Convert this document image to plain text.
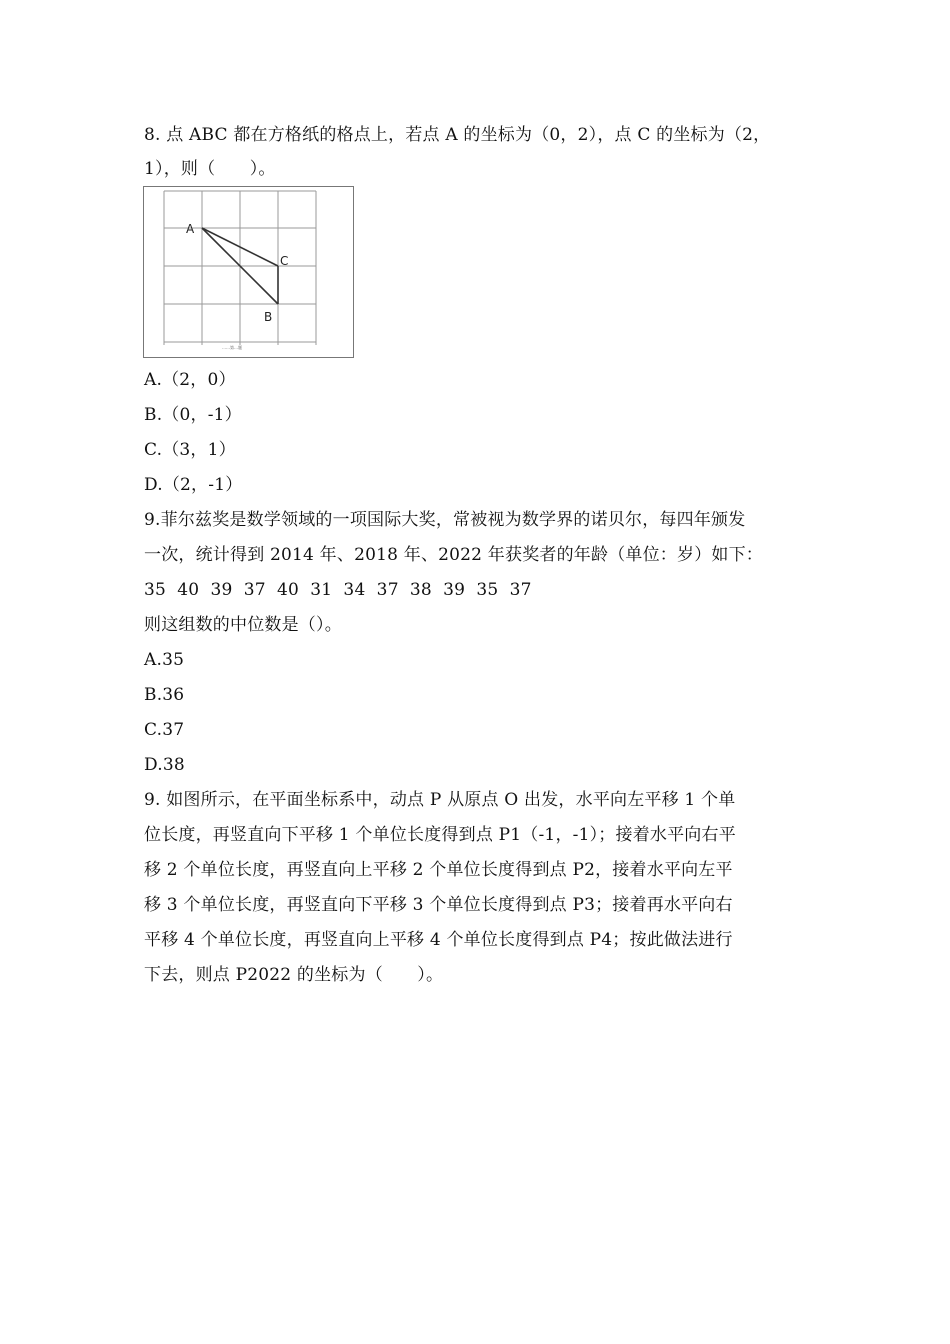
8. 点 ABC 都在方格纸的格点上，若点 A 的坐标为（0，2），点 C 的坐标为（2，
1），则（　　）。
A
C
B
……第…题
A.（2，0）
B.（0，-1）
C.（3，1）
D.（2，-1）
9.菲尔兹奖是数学领域的一项国际大奖，常被视为数学界的诺贝尔，每四年颁发
一次，统计得到 2014 年、2018 年、2022 年获奖者的年龄（单位：岁）如下：
35  40  39  37  40  31  34  37  38  39  35  37
则这组数的中位数是（）。
A.35
B.36
C.37
D.38
9. 如图所示，在平面坐标系中，动点 P 从原点 O 出发，水平向左平移 1 个单
位长度，再竖直向下平移 1 个单位长度得到点 P1（-1，-1）；接着水平向右平
移 2 个单位长度，再竖直向上平移 2 个单位长度得到点 P2，接着水平向左平
移 3 个单位长度，再竖直向下平移 3 个单位长度得到点 P3；接着再水平向右
平移 4 个单位长度，再竖直向上平移 4 个单位长度得到点 P4；按此做法进行
下去，则点 P2022 的坐标为（　　）。
